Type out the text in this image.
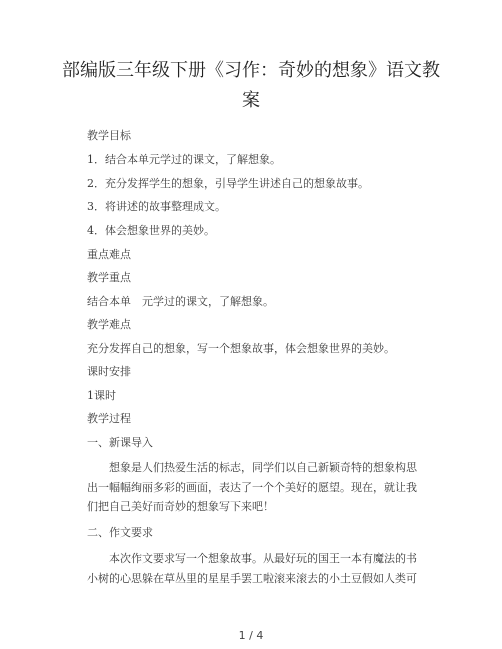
部编版三年级下册《习作：奇妙的想象》语文教
案
教学目标
1．结合本单元学过的课文，了解想象。
2．充分发挥学生的想象，引导学生讲述自己的想象故事。
3．将讲述的故事整理成文。
4．体会想象世界的美妙。
重点难点
教学重点
结合本单　元学过的课文，了解想象。
教学难点
充分发挥自己的想象，写一个想象故事，体会想象世界的美妙。
课时安排
1课时
教学过程
一、新课导入
想象是人们热爱生活的标志，同学们以自己新颖奇特的想象构思出一幅幅绚丽多彩的画面，表达了一个个美好的愿望。现在，就让我们把自己美好而奇妙的想象写下来吧！
二、作文要求
本次作文要求写一个想象故事。从最好玩的国王一本有魔法的书小树的心思躲在草丛里的星星手罢工啦滚来滚去的小土豆假如人类可
1 / 4
